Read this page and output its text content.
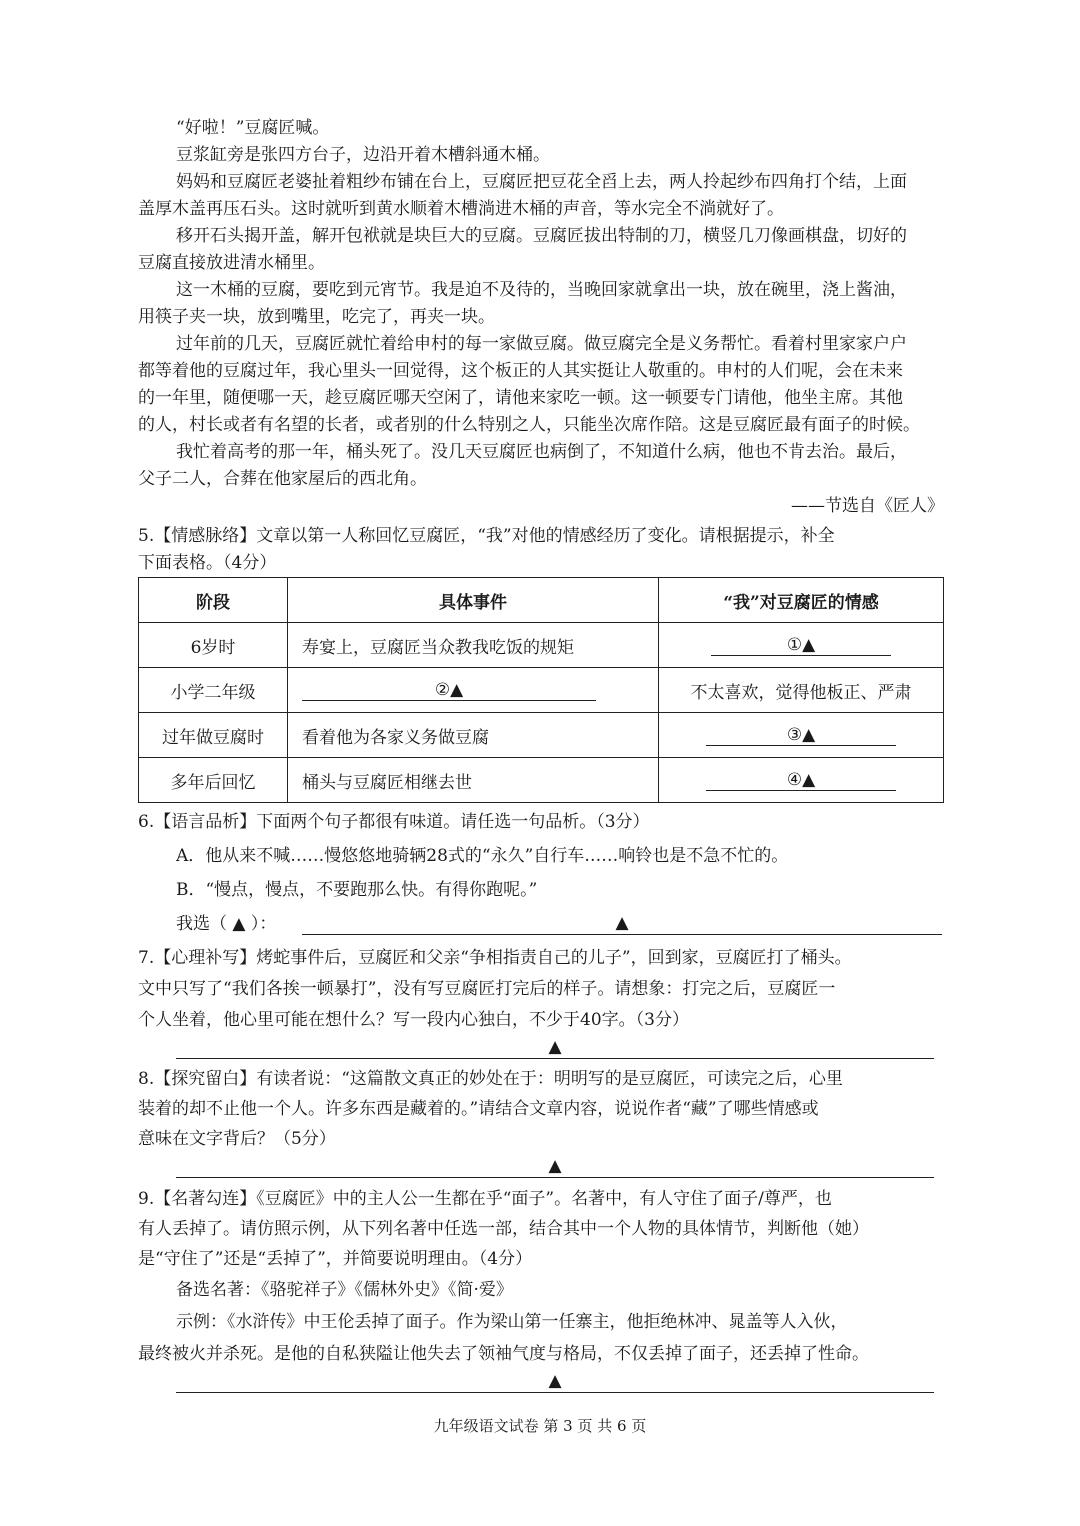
“好啦！”豆腐匠喊。
豆浆缸旁是张四方台子，边沿开着木槽斜通木桶。
妈妈和豆腐匠老婆扯着粗纱布铺在台上，豆腐匠把豆花全舀上去，两人拎起纱布四角打个结，上面
盖厚木盖再压石头。这时就听到黄水顺着木槽淌进木桶的声音，等水完全不淌就好了。
移开石头揭开盖，解开包袱就是块巨大的豆腐。豆腐匠拔出特制的刀，横竖几刀像画棋盘，切好的
豆腐直接放进清水桶里。
这一木桶的豆腐，要吃到元宵节。我是迫不及待的，当晚回家就拿出一块，放在碗里，浇上酱油，
用筷子夹一块，放到嘴里，吃完了，再夹一块。
过年前的几天，豆腐匠就忙着给申村的每一家做豆腐。做豆腐完全是义务帮忙。看着村里家家户户
都等着他的豆腐过年，我心里头一回觉得，这个板正的人其实挺让人敬重的。申村的人们呢，会在未来
的一年里，随便哪一天，趁豆腐匠哪天空闲了，请他来家吃一顿。这一顿要专门请他，他坐主席。其他
的人，村长或者有名望的长者，或者别的什么特别之人，只能坐次席作陪。这是豆腐匠最有面子的时候。
我忙着高考的那一年，桶头死了。没几天豆腐匠也病倒了，不知道什么病，他也不肯去治。最后，
父子二人，合葬在他家屋后的西北角。
——节选自《匠人》
5.【情感脉络】文章以第一人称回忆豆腐匠，“我”对他的情感经历了变化。请根据提示，补全
下面表格。（4分）
阶段	具体事件	“我”对豆腐匠的情感
6岁时	寿宴上，豆腐匠当众教我吃饭的规矩	①▲
小学二年级	②▲	不太喜欢，觉得他板正、严肃
过年做豆腐时	看着他为各家义务做豆腐	③▲
多年后回忆	桶头与豆腐匠相继去世	④▲
6.【语言品析】下面两个句子都很有味道。请任选一句品析。（3分）
A．他从来不喊……慢悠悠地骑辆28式的“永久”自行车……响铃也是不急不忙的。
B．“慢点，慢点，不要跑那么快。有得你跑呢。”
我选（ ▲ ）：	▲
7.【心理补写】烤蛇事件后，豆腐匠和父亲“争相指责自己的儿子”，回到家，豆腐匠打了桶头。
文中只写了“我们各挨一顿暴打”，没有写豆腐匠打完后的样子。请想象：打完之后，豆腐匠一
个人坐着，他心里可能在想什么？写一段内心独白，不少于40字。（3分）
▲
8.【探究留白】有读者说：“这篇散文真正的妙处在于：明明写的是豆腐匠，可读完之后，心里
装着的却不止他一个人。许多东西是藏着的。”请结合文章内容，说说作者“藏”了哪些情感或
意味在文字背后？（5分）
▲
9.【名著勾连】《豆腐匠》中的主人公一生都在乎“面子”。名著中，有人守住了面子/尊严，也
有人丢掉了。请仿照示例，从下列名著中任选一部，结合其中一个人物的具体情节，判断他（她）
是“守住了”还是“丢掉了”，并简要说明理由。（4分）
备选名著：《骆驼祥子》《儒林外史》《简·爱》
示例：《水浒传》中王伦丢掉了面子。作为梁山第一任寨主，他拒绝林冲、晁盖等人入伙，
最终被火并杀死。是他的自私狭隘让他失去了领袖气度与格局，不仅丢掉了面子，还丢掉了性命。
▲
九年级语文试卷 第 3 页 共 6 页
